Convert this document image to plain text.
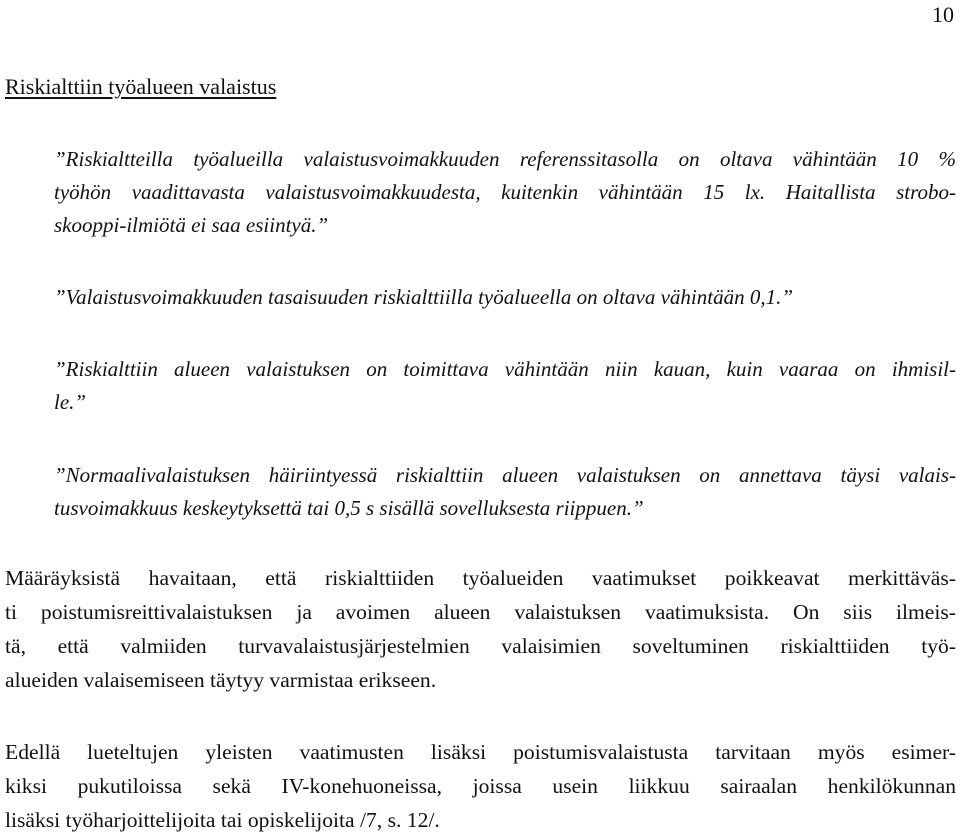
10
Riskialttiin työalueen valaistus
”Riskialtteilla työalueilla valaistusvoimakkuuden referenssitasolla on oltava vähintään 10 %
työhön vaadittavasta valaistusvoimakkuudesta, kuitenkin vähintään 15 lx. Haitallista strobo-
skooppi-ilmiötä ei saa esiintyä.”
”Valaistusvoimakkuuden tasaisuuden riskialttiilla työalueella on oltava vähintään 0,1.”
”Riskialttiin alueen valaistuksen on toimittava vähintään niin kauan, kuin vaaraa on ihmisil-
le.”
”Normaalivalaistuksen häiriintyessä riskialttiin alueen valaistuksen on annettava täysi valais-
tusvoimakkuus keskeytyksettä tai 0,5 s sisällä sovelluksesta riippuen.”
Määräyksistä havaitaan, että riskialttiiden työalueiden vaatimukset poikkeavat merkittäväs-
ti poistumisreittivalaistuksen ja avoimen alueen valaistuksen vaatimuksista. On siis ilmeis-
tä, että valmiiden turvavalaistusjärjestelmien valaisimien soveltuminen riskialttiiden työ-
alueiden valaisemiseen täytyy varmistaa erikseen.
Edellä lueteltujen yleisten vaatimusten lisäksi poistumisvalaistusta tarvitaan myös esimer-
kiksi pukutiloissa sekä IV-konehuoneissa, joissa usein liikkuu sairaalan henkilökunnan
lisäksi työharjoittelijoita tai opiskelijoita /7, s. 12/.
